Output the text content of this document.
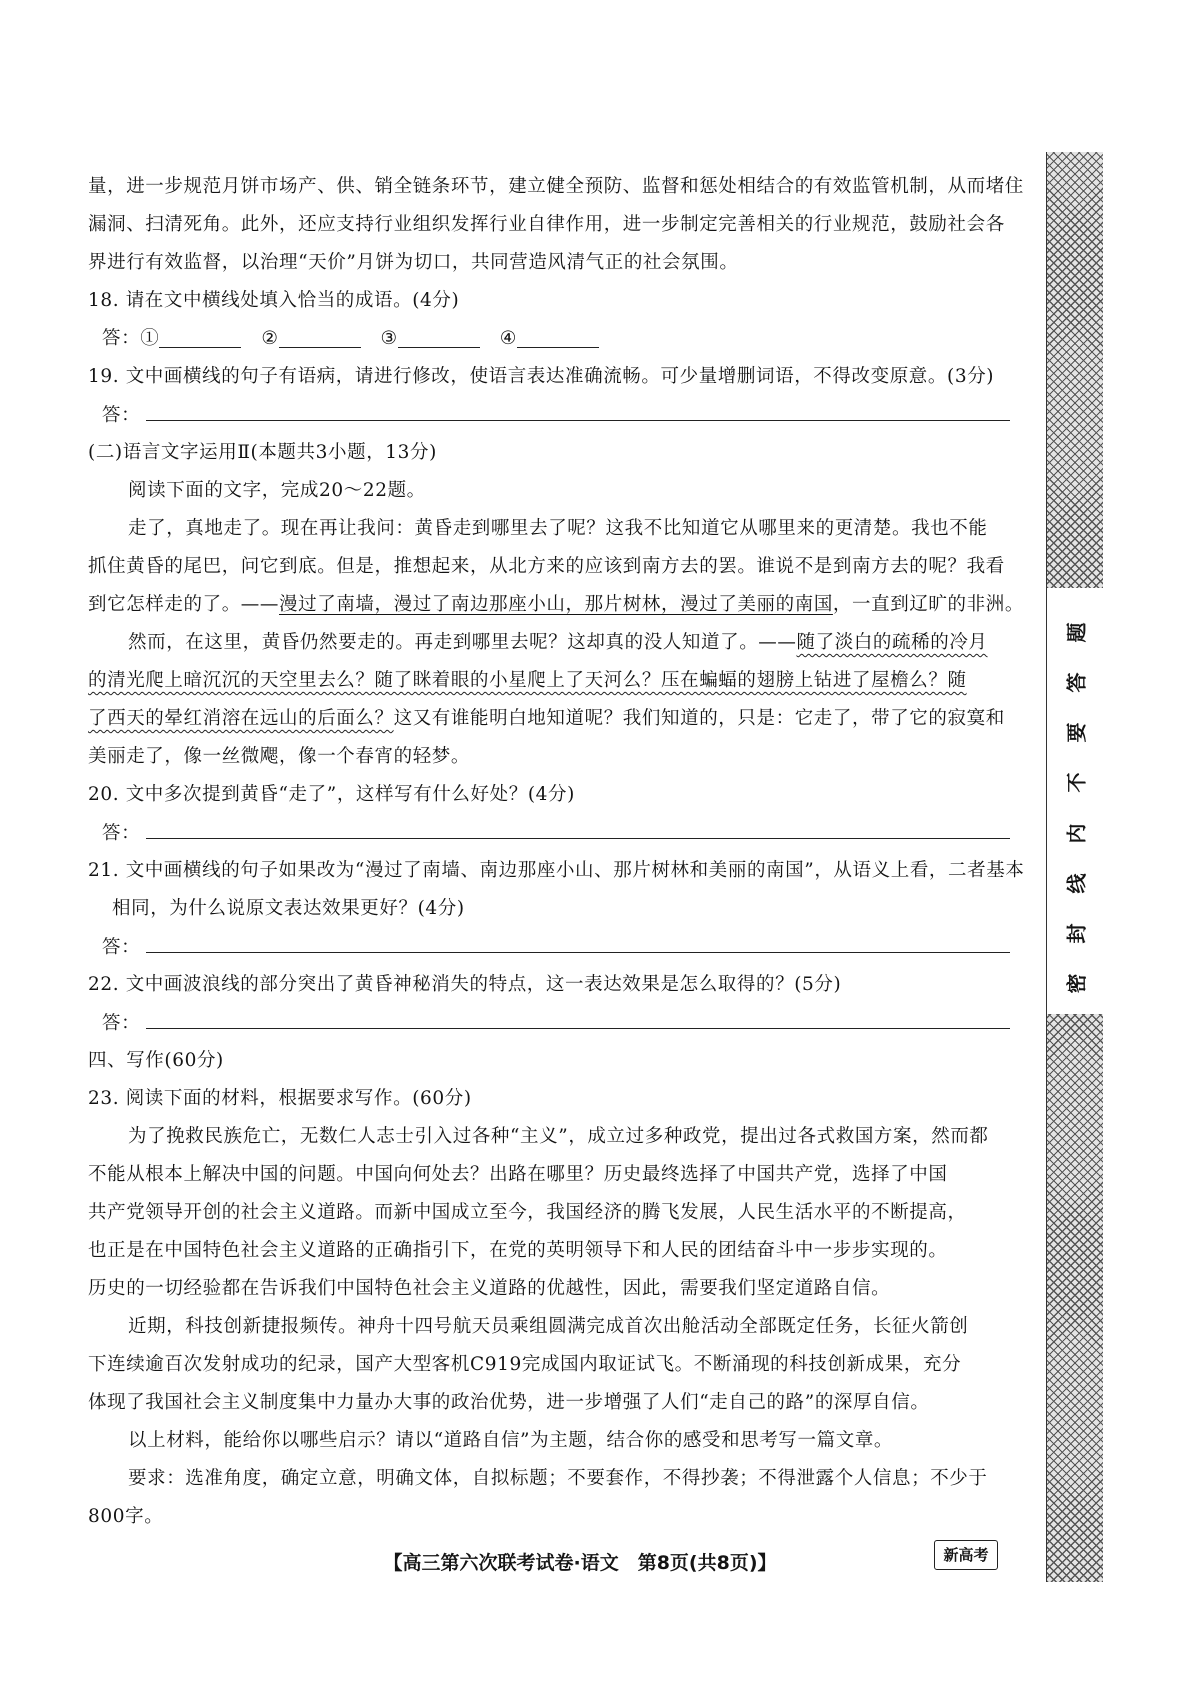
量，进一步规范月饼市场产、供、销全链条环节，建立健全预防、监督和惩处相结合的有效监管机制，从而堵住
漏洞、扫清死角。此外，还应支持行业组织发挥行业自律作用，进一步制定完善相关的行业规范，鼓励社会各
界进行有效监督，以治理“天价”月饼为切口，共同营造风清气正的社会氛围。
18. 请在文中横线处填入恰当的成语。(4分)
答：①	②	③	④
19. 文中画横线的句子有语病，请进行修改，使语言表达准确流畅。可少量增删词语，不得改变原意。(3分)
答：
(二)语言文字运用Ⅱ(本题共3小题，13分)
阅读下面的文字，完成20～22题。
走了，真地走了。现在再让我问：黄昏走到哪里去了呢？这我不比知道它从哪里来的更清楚。我也不能
抓住黄昏的尾巴，问它到底。但是，推想起来，从北方来的应该到南方去的罢。谁说不是到南方去的呢？我看
到它怎样走的了。——漫过了南墙，漫过了南边那座小山，那片树林，漫过了美丽的南国，一直到辽旷的非洲。
然而，在这里，黄昏仍然要走的。再走到哪里去呢？这却真的没人知道了。——随了淡白的疏稀的冷月
的清光爬上暗沉沉的天空里去么？随了眯着眼的小星爬上了天河么？压在蝙蝠的翅膀上钻进了屋檐么？随
了西天的晕红消溶在远山的后面么？这又有谁能明白地知道呢？我们知道的，只是：它走了，带了它的寂寞和
美丽走了，像一丝微飔，像一个春宵的轻梦。
20. 文中多次提到黄昏“走了”，这样写有什么好处？(4分)
答：
21. 文中画横线的句子如果改为“漫过了南墙、南边那座小山、那片树林和美丽的南国”，从语义上看，二者基本
相同，为什么说原文表达效果更好？(4分)
答：
22. 文中画波浪线的部分突出了黄昏神秘消失的特点，这一表达效果是怎么取得的？(5分)
答：
四、写作(60分)
23. 阅读下面的材料，根据要求写作。(60分)
为了挽救民族危亡，无数仁人志士引入过各种“主义”，成立过多种政党，提出过各式救国方案，然而都
不能从根本上解决中国的问题。中国向何处去？出路在哪里？历史最终选择了中国共产党，选择了中国
共产党领导开创的社会主义道路。而新中国成立至今，我国经济的腾飞发展，人民生活水平的不断提高，
也正是在中国特色社会主义道路的正确指引下，在党的英明领导下和人民的团结奋斗中一步步实现的。
历史的一切经验都在告诉我们中国特色社会主义道路的优越性，因此，需要我们坚定道路自信。
近期，科技创新捷报频传。神舟十四号航天员乘组圆满完成首次出舱活动全部既定任务，长征火箭创
下连续逾百次发射成功的纪录，国产大型客机C919完成国内取证试飞。不断涌现的科技创新成果，充分
体现了我国社会主义制度集中力量办大事的政治优势，进一步增强了人们“走自己的路”的深厚自信。
以上材料，能给你以哪些启示？请以“道路自信”为主题，结合你的感受和思考写一篇文章。
要求：选准角度，确定立意，明确文体，自拟标题；不要套作，不得抄袭；不得泄露个人信息；不少于
800字。
题
答
要
不
内
线
封
密
【高三第六次联考试卷·语文　第8页(共8页)】	新高考
